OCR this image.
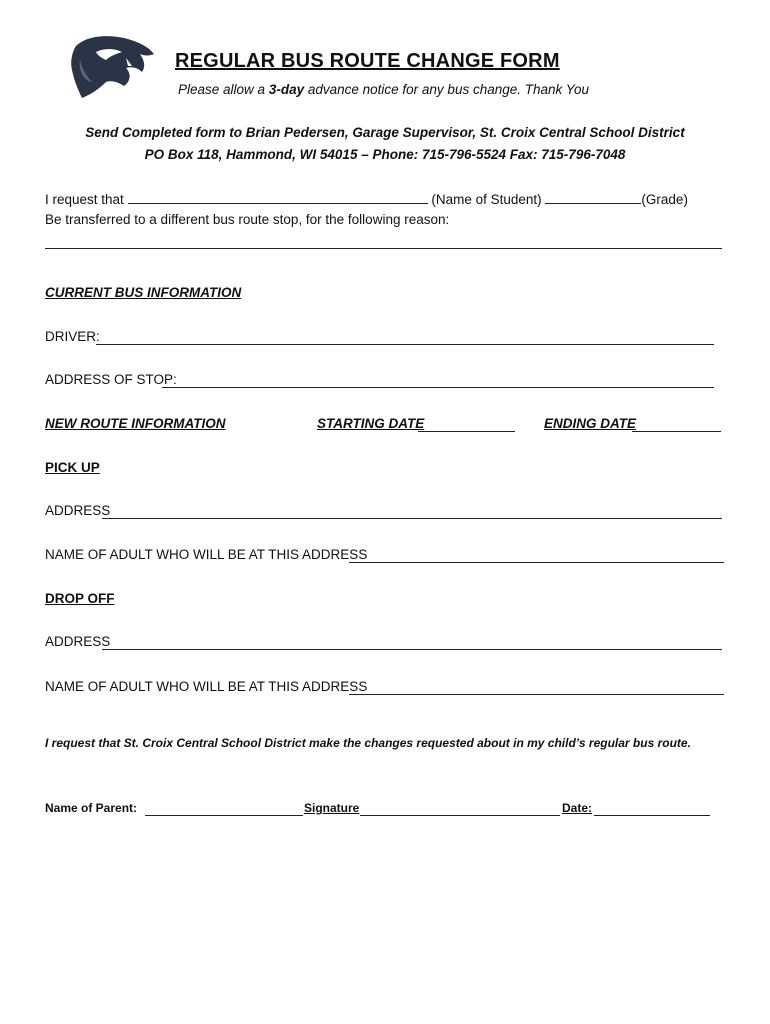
REGULAR BUS ROUTE CHANGE FORM
Please allow a 3-day advance notice for any bus change. Thank You
Send Completed form to Brian Pedersen, Garage Supervisor, St. Croix Central School District
PO Box 118, Hammond, WI 54015 – Phone: 715-796-5524 Fax: 715-796-7048
I request that	(Name of Student)	(Grade)
Be transferred to a different bus route stop, for the following reason:
CURRENT BUS INFORMATION
DRIVER:
ADDRESS OF STOP:
NEW ROUTE INFORMATION	STARTING DATE	ENDING DATE
PICK UP
ADDRESS
NAME OF ADULT WHO WILL BE AT THIS ADDRESS
DROP OFF
ADDRESS
NAME OF ADULT WHO WILL BE AT THIS ADDRESS
I request that St. Croix Central School District make the changes requested about in my child’s regular bus route.
Name of Parent:	Signature	Date:
